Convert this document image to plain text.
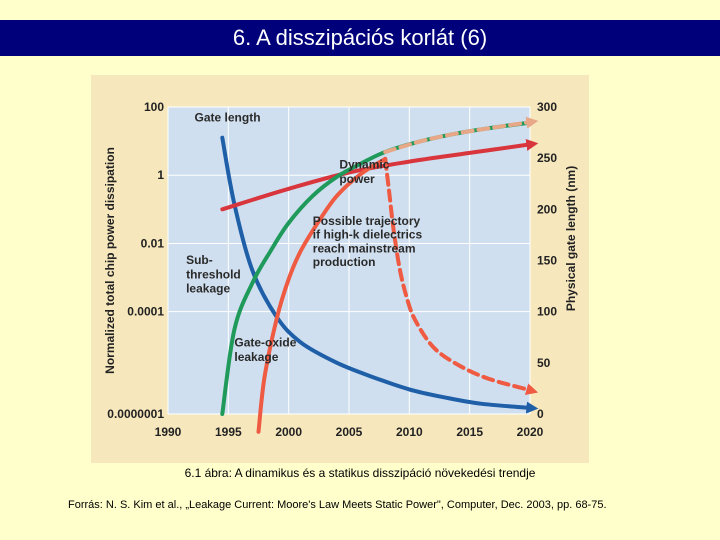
6. A disszipációs korlát (6)
1990	1995	2000	2005	2010	2015	2020
100
1
0.01
0.0001
0.0000001
300
250
200
150
100
50
0
Gate length
Dynamic
power
Possible trajectory
if high-k dielectrics
reach mainstream
production
Sub-
threshold
leakage
Gate-oxide
leakage
Normalized total chip power dissipation	Physical gate length (nm)
6.1 ábra: A dinamikus és a statikus disszipáció növekedési trendje
Forrás: N. S. Kim et al., „Leakage Current: Moore's Law Meets Static Power", Computer, Dec. 2003, pp. 68-75.
